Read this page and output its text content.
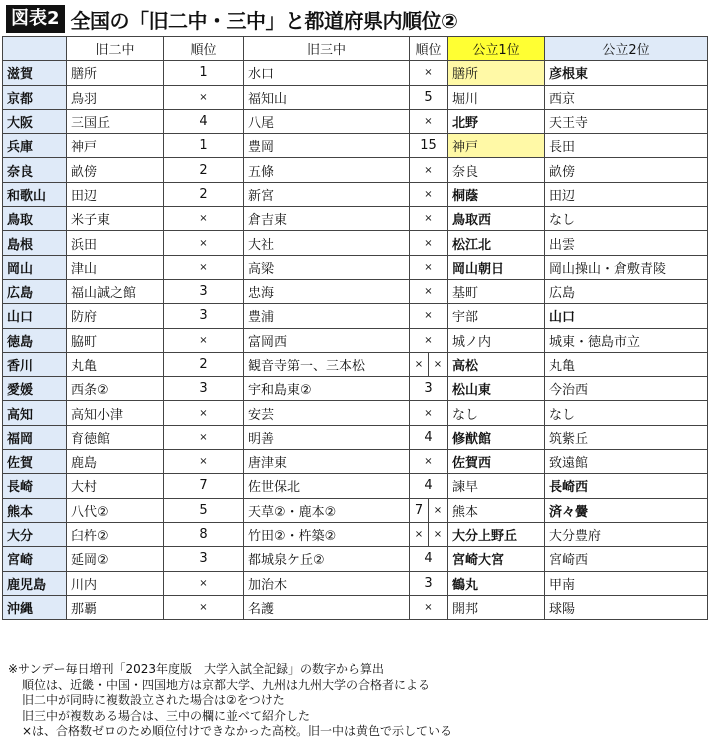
図表2 全国の「旧二中・三中」と都道府県内順位②
	旧二中	順位	旧三中	順位	公立1位	公立2位
滋賀	膳所	1	水口	×	膳所	彦根東
京都	鳥羽	×	福知山	5	堀川	西京
大阪	三国丘	4	八尾	×	北野	天王寺
兵庫	神戸	1	豊岡	15	神戸	長田
奈良	畝傍	2	五條	×	奈良	畝傍
和歌山	田辺	2	新宮	×	桐蔭	田辺
鳥取	米子東	×	倉吉東	×	鳥取西	なし
島根	浜田	×	大社	×	松江北	出雲
岡山	津山	×	高梁	×	岡山朝日	岡山操山・倉敷青陵
広島	福山誠之館	3	忠海	×	基町	広島
山口	防府	3	豊浦	×	宇部	山口
徳島	脇町	×	富岡西	×	城ノ内	城東・徳島市立
香川	丸亀	2	観音寺第一、三本松	× ×	高松	丸亀
愛媛	西条②	3	宇和島東②	3	松山東	今治西
高知	高知小津	×	安芸	×	なし	なし
福岡	育徳館	×	明善	4	修猷館	筑紫丘
佐賀	鹿島	×	唐津東	×	佐賀西	致遠館
長崎	大村	7	佐世保北	4	諫早	長崎西
熊本	八代②	5	天草②・鹿本②	7 ×	熊本	済々黌
大分	臼杵②	8	竹田②・杵築②	× ×	大分上野丘	大分豊府
宮崎	延岡②	3	都城泉ケ丘②	4	宮崎大宮	宮崎西
鹿児島	川内	×	加治木	3	鶴丸	甲南
沖縄	那覇	×	名護	×	開邦	球陽
※サンデー毎日増刊「2023年度版　大学入試全記録」の数字から算出
順位は、近畿・中国・四国地方は京都大学、九州は九州大学の合格者による
旧二中が同時に複数設立された場合は②をつけた
旧三中が複数ある場合は、三中の欄に並べて紹介した
×は、合格数ゼロのため順位付けできなかった高校。旧一中は黄色で示している
